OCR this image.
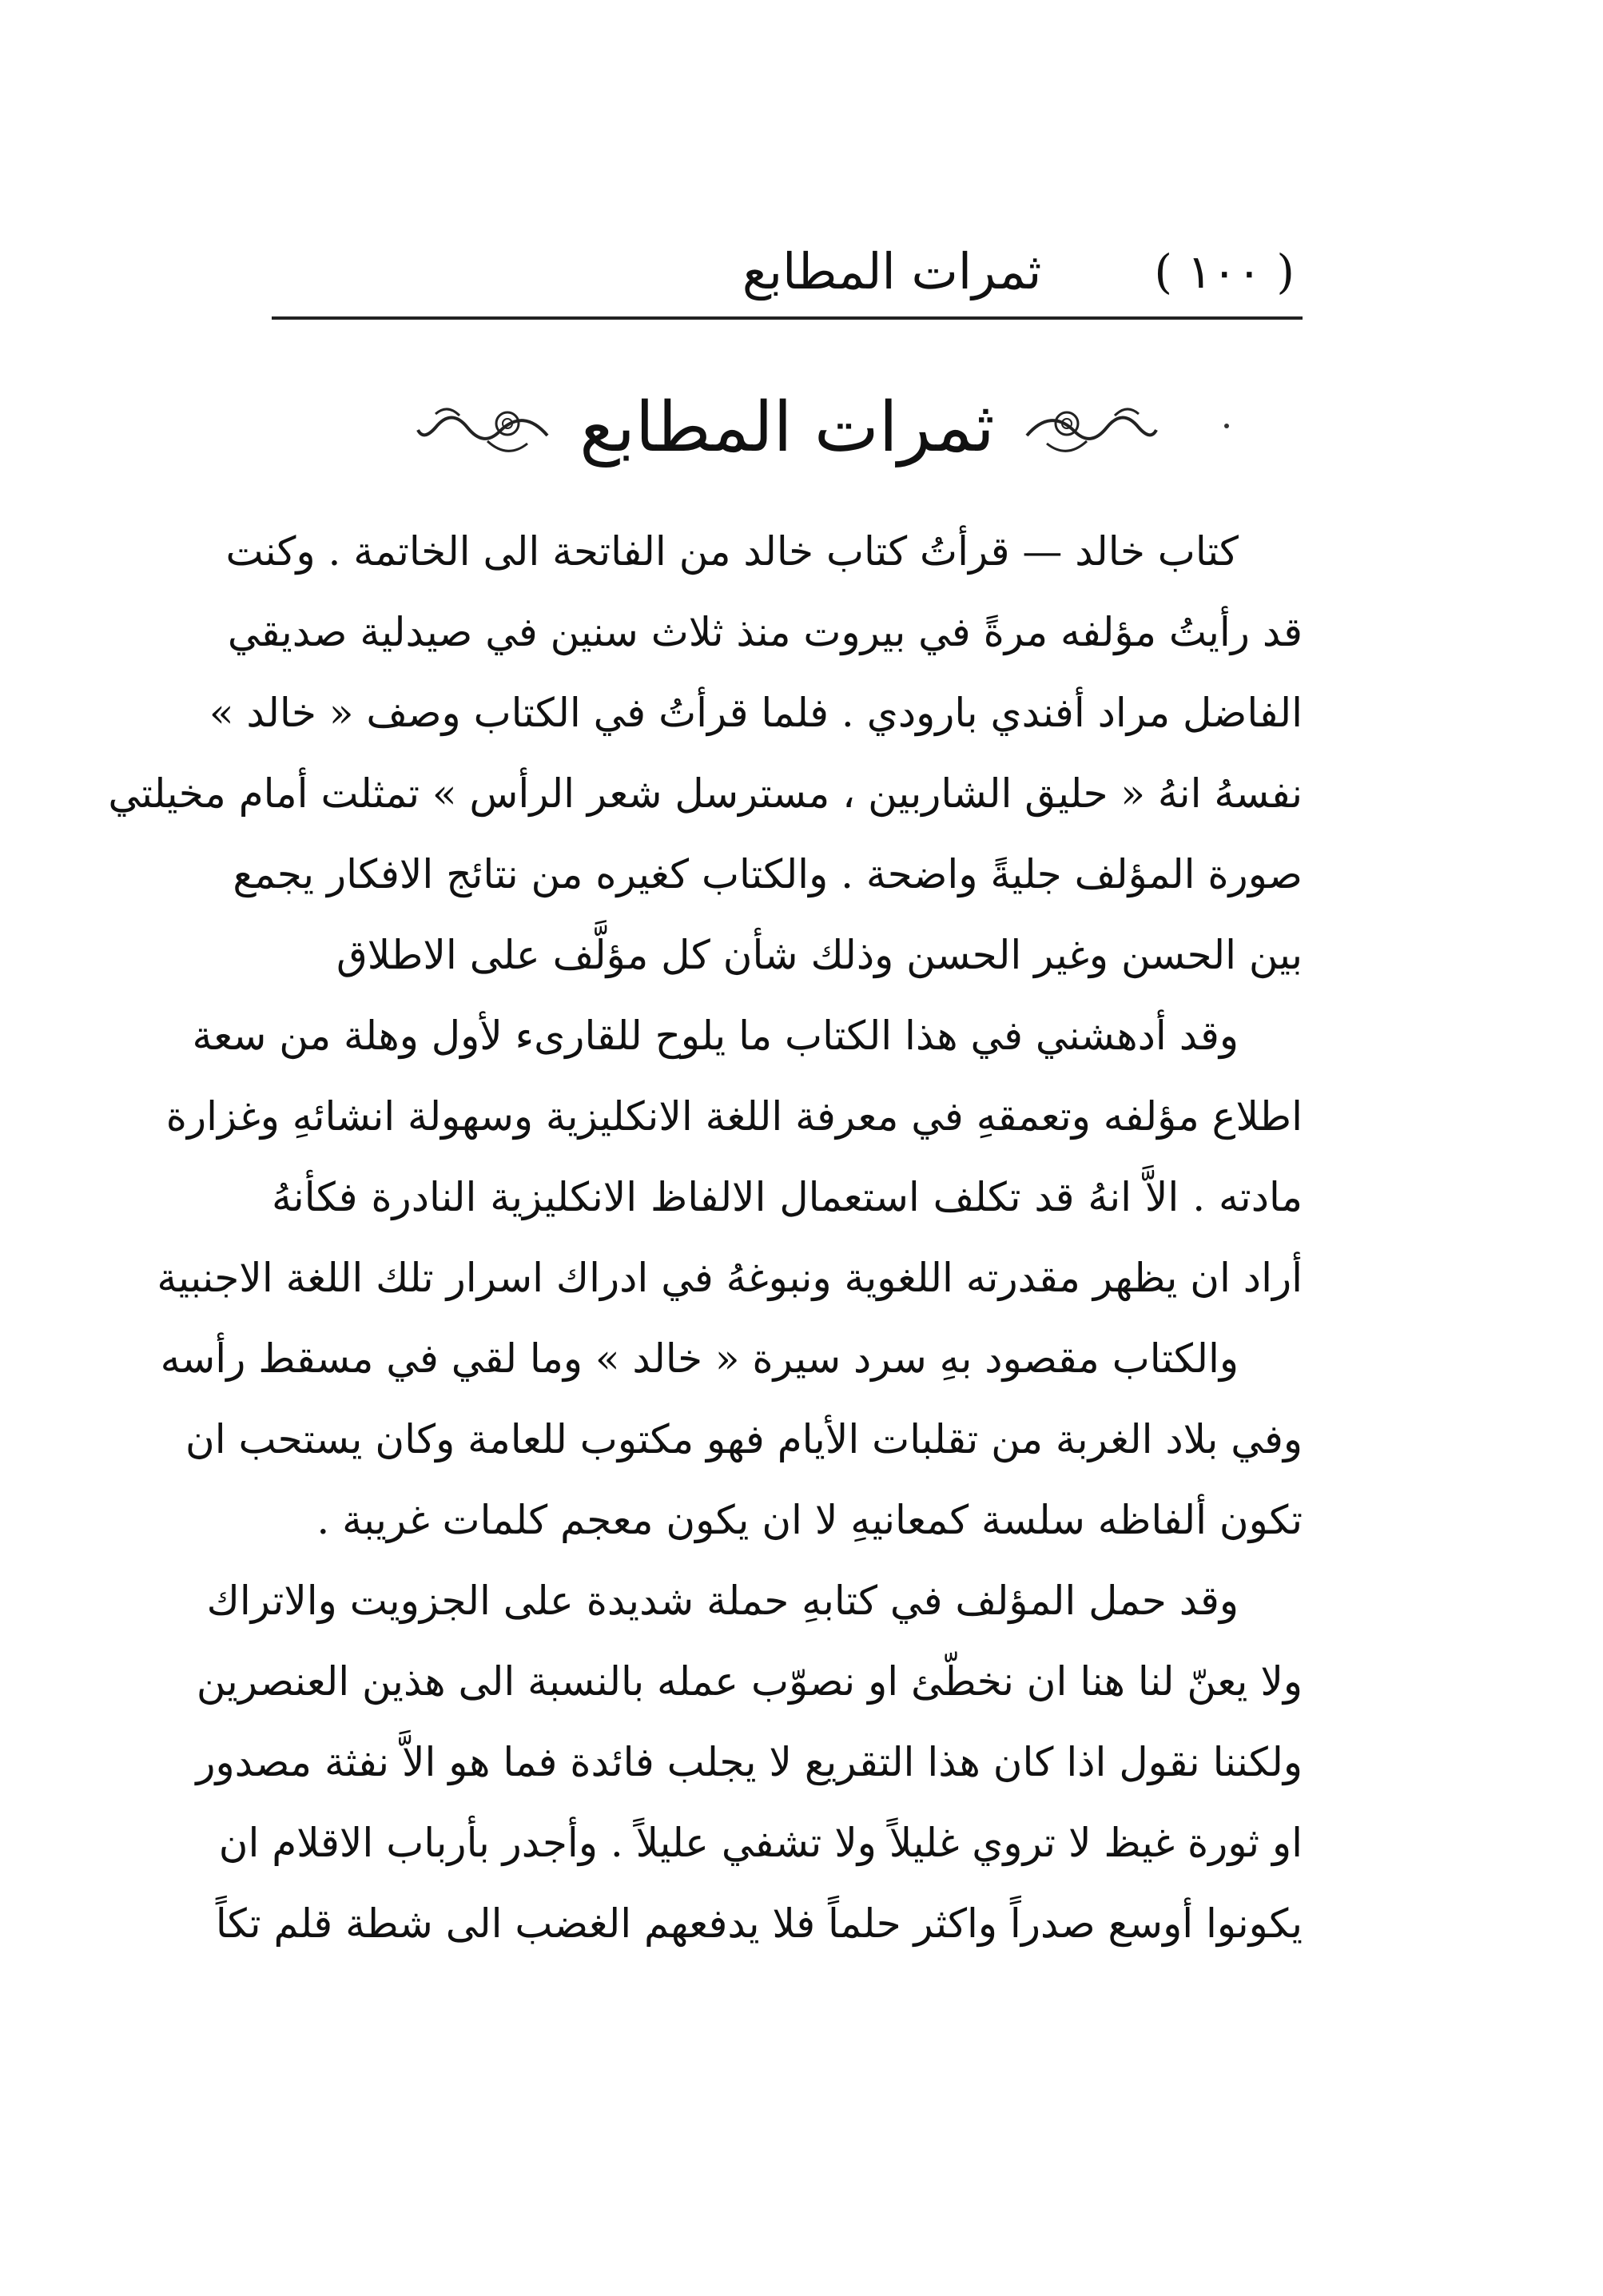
( ١٠٠ )
ثمرات المطابع
ثمرات المطابع
كتاب خالد — قرأتُ كتاب خالد من الفاتحة الى الخاتمة . وكنت
قد رأيتُ مؤلفه مرةً في بيروت منذ ثلاث سنين في صيدلية صديقي
الفاضل مراد أفندي بارودي . فلما قرأتُ في الكتاب وصف « خالد »
نفسهُ انهُ « حليق الشاربين ، مسترسل شعر الرأس » تمثلت أمام مخيلتي
صورة المؤلف جليةً واضحة . والكتاب كغيره من نتائج الافكار يجمع
بين الحسن وغير الحسن وذلك شأن كل مؤلَّف على الاطلاق
وقد أدهشني في هذا الكتاب ما يلوح للقارىء لأول وهلة من سعة
اطلاع مؤلفه وتعمقهِ في معرفة اللغة الانكليزية وسهولة انشائهِ وغزارة
مادته . الاَّ انهُ قد تكلف استعمال الالفاظ الانكليزية النادرة فكأنهُ
أراد ان يظهر مقدرته اللغوية ونبوغهُ في ادراك اسرار تلك اللغة الاجنبية
والكتاب مقصود بهِ سرد سيرة « خالد » وما لقي في مسقط رأسه
وفي بلاد الغربة من تقلبات الأيام فهو مكتوب للعامة وكان يستحب ان
تكون ألفاظه سلسة كمعانيهِ لا ان يكون معجم كلمات غريبة .
وقد حمل المؤلف في كتابهِ حملة شديدة على الجزويت والاتراك
ولا يعنّ لنا هنا ان نخطّئ او نصوّب عمله بالنسبة الى هذين العنصرين
ولكننا نقول اذا كان هذا التقريع لا يجلب فائدة فما هو الاَّ نفثة مصدور
او ثورة غيظ لا تروي غليلاً ولا تشفي عليلاً . وأجدر بأرباب الاقلام ان
يكونوا أوسع صدراً واكثر حلماً فلا يدفعهم الغضب الى شطة قلم تكاً
